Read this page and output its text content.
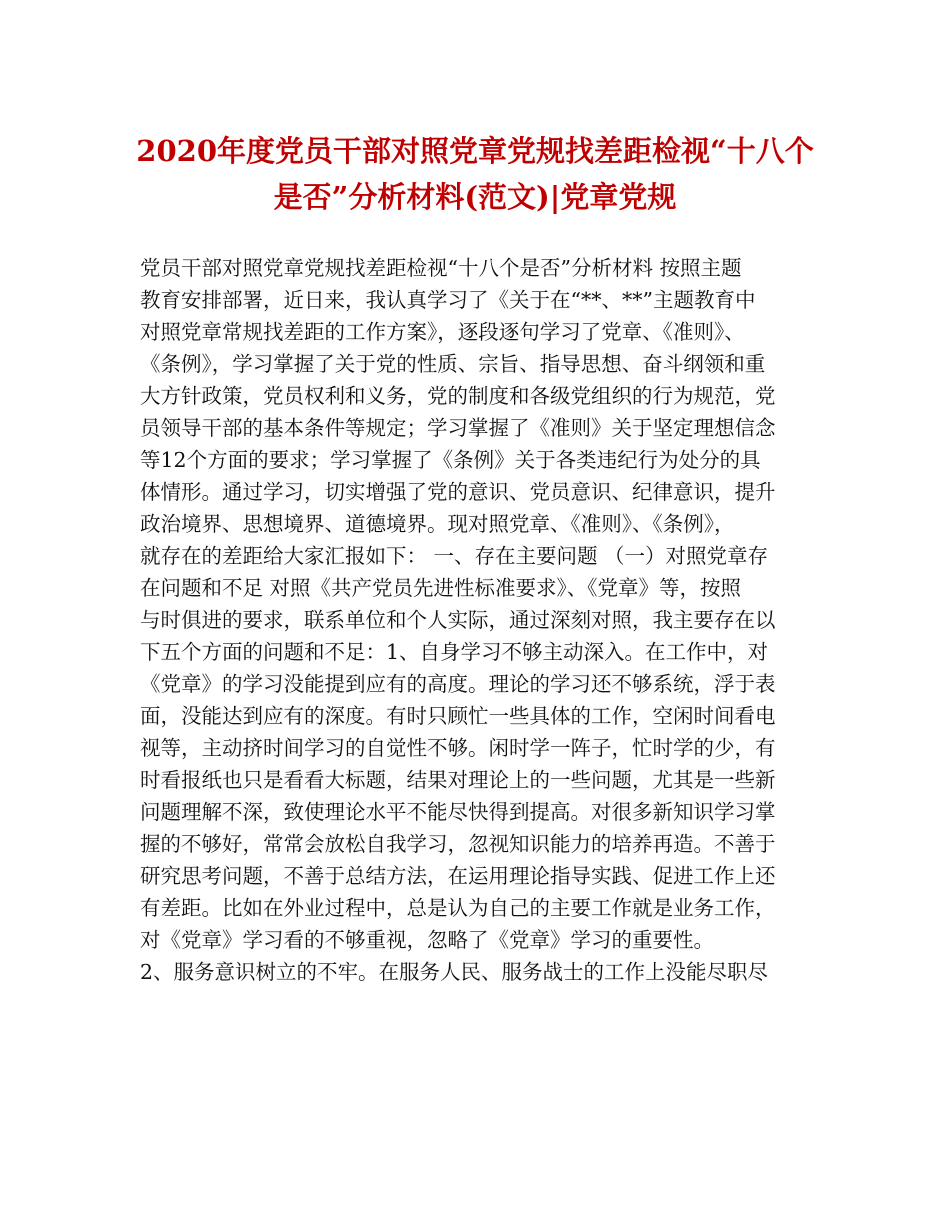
2020年度党员干部对照党章党规找差距检视“十八个
是否”分析材料(范文)|党章党规
党员干部对照党章党规找差距检视“十八个是否”分析材料 按照主题
教育安排部署，近日来，我认真学习了《关于在“**、**”主题教育中
对照党章常规找差距的工作方案》，逐段逐句学习了党章、《准则》、
《条例》，学习掌握了关于党的性质、宗旨、指导思想、奋斗纲领和重
大方针政策，党员权利和义务，党的制度和各级党组织的行为规范，党
员领导干部的基本条件等规定；学习掌握了《准则》关于坚定理想信念
等12个方面的要求；学习掌握了《条例》关于各类违纪行为处分的具
体情形。通过学习，切实增强了党的意识、党员意识、纪律意识，提升
政治境界、思想境界、道德境界。现对照党章、《准则》、《条例》，
就存在的差距给大家汇报如下： 一、存在主要问题 （一）对照党章存
在问题和不足 对照《共产党员先进性标准要求》、《党章》等，按照
与时俱进的要求，联系单位和个人实际，通过深刻对照，我主要存在以
下五个方面的问题和不足：1、自身学习不够主动深入。在工作中，对
《党章》的学习没能提到应有的高度。理论的学习还不够系统，浮于表
面，没能达到应有的深度。有时只顾忙一些具体的工作，空闲时间看电
视等，主动挤时间学习的自觉性不够。闲时学一阵子，忙时学的少，有
时看报纸也只是看看大标题，结果对理论上的一些问题，尤其是一些新
问题理解不深，致使理论水平不能尽快得到提高。对很多新知识学习掌
握的不够好，常常会放松自我学习，忽视知识能力的培养再造。不善于
研究思考问题，不善于总结方法，在运用理论指导实践、促进工作上还
有差距。比如在外业过程中，总是认为自己的主要工作就是业务工作，
对《党章》学习看的不够重视，忽略了《党章》学习的重要性。
2、服务意识树立的不牢。在服务人民、服务战士的工作上没能尽职尽
